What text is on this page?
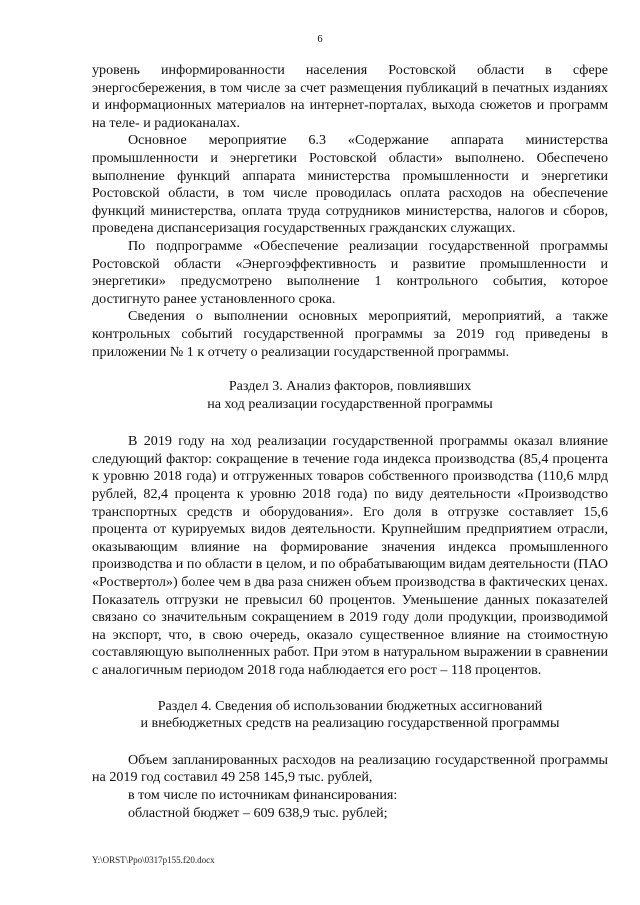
6

уровень информированности населения Ростовской области в сфере энергосбережения, в том числе за счет размещения публикаций в печатных изданиях и информационных материалов на интернет-порталах, выхода сюжетов и программ на теле- и радиоканалах.

Основное мероприятие 6.3 «Содержание аппарата министерства промышленности и энергетики Ростовской области» выполнено. Обеспечено выполнение функций аппарата министерства промышленности и энергетики Ростовской области, в том числе проводилась оплата расходов на обеспечение функций министерства, оплата труда сотрудников министерства, налогов и сборов, проведена диспансеризация государственных гражданских служащих.

По подпрограмме «Обеспечение реализации государственной программы Ростовской области «Энергоэффективность и развитие промышленности и энергетики» предусмотрено выполнение 1 контрольного события, которое достигнуто ранее установленного срока.

Сведения о выполнении основных мероприятий, мероприятий, а также контрольных событий государственной программы за 2019 год приведены в приложении № 1 к отчету о реализации государственной программы.

Раздел 3. Анализ факторов, повлиявших
на ход реализации государственной программы

В 2019 году на ход реализации государственной программы оказал влияние следующий фактор: сокращение в течение года индекса производства (85,4 процента к уровню 2018 года) и отгруженных товаров собственного производства (110,6 млрд рублей, 82,4 процента к уровню 2018 года) по виду деятельности «Производство транспортных средств и оборудования». Его доля в отгрузке составляет 15,6 процента от курируемых видов деятельности. Крупнейшим предприятием отрасли, оказывающим влияние на формирование значения индекса промышленного производства и по области в целом, и по обрабатывающим видам деятельности (ПАО «Роствертол») более чем в два раза снижен объем производства в фактических ценах. Показатель отгрузки не превысил 60 процентов. Уменьшение данных показателей связано со значительным сокращением в 2019 году доли продукции, производимой на экспорт, что, в свою очередь, оказало существенное влияние на стоимостную составляющую выполненных работ. При этом в натуральном выражении в сравнении с аналогичным периодом 2018 года наблюдается его рост – 118 процентов.

Раздел 4. Сведения об использовании бюджетных ассигнований
и внебюджетных средств на реализацию государственной программы

Объем запланированных расходов на реализацию государственной программы на 2019 год составил 49 258 145,9 тыс. рублей,

в том числе по источникам финансирования:

областной бюджет – 609 638,9 тыс. рублей;

Y:\ORST\Ppo\0317p155.f20.docx
